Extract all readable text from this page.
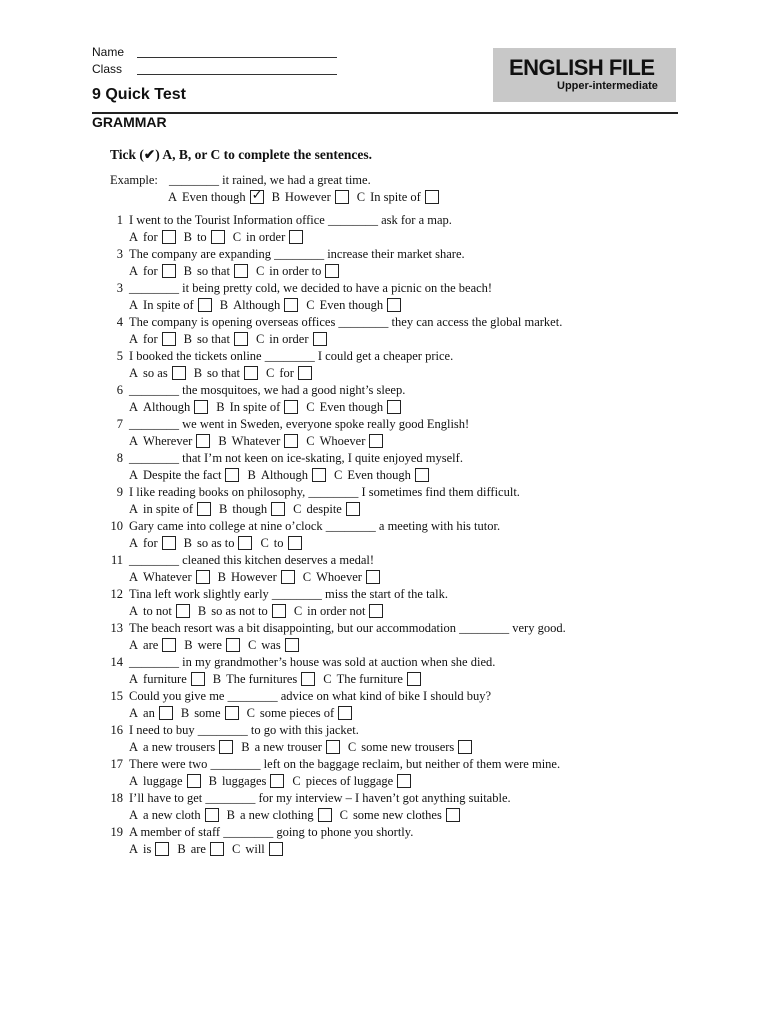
Name
Class
9 Quick Test
ENGLISH FILE
Upper-intermediate
GRAMMAR
Tick (✔) A, B, or C to complete the sentences.
Example: ________ it rained, we had a great time.
A Even though
✓ B However C In spite of
1 I went to the Tourist Information office ________ ask for a map.
A for B to C in order
3 The company are expanding ________ increase their market share.
A for B so that C in order to
3 ________ it being pretty cold, we decided to have a picnic on the beach!
A In spite of B Although C Even though
4 The company is opening overseas offices ________ they can access the global market.
A for B so that C in order
5 I booked the tickets online ________ I could get a cheaper price.
A so as B so that C for
6 ________ the mosquitoes, we had a good night’s sleep.
A Although B In spite of C Even though
7 ________ we went in Sweden, everyone spoke really good English!
A Wherever B Whatever C Whoever
8 ________ that I’m not keen on ice-skating, I quite enjoyed myself.
A Despite the fact B Although C Even though
9 I like reading books on philosophy, ________ I sometimes find them difficult.
A in spite of B though C despite
10 Gary came into college at nine o’clock ________ a meeting with his tutor.
A for B so as to C to
11 ________ cleaned this kitchen deserves a medal!
A Whatever B However C Whoever
12 Tina left work slightly early ________ miss the start of the talk.
A to not B so as not to C in order not
13 The beach resort was a bit disappointing, but our accommodation ________ very good.
A are B were C was
14 ________ in my grandmother’s house was sold at auction when she died.
A furniture B The furnitures C The furniture
15 Could you give me ________ advice on what kind of bike I should buy?
A an B some C some pieces of
16 I need to buy ________ to go with this jacket.
A a new trousers B a new trouser C some new trousers
17 There were two ________ left on the baggage reclaim, but neither of them were mine.
A luggage B luggages C pieces of luggage
18 I’ll have to get ________ for my interview – I haven’t got anything suitable.
A a new cloth B a new clothing C some new clothes
19 A member of staff ________ going to phone you shortly.
A is B are C will
